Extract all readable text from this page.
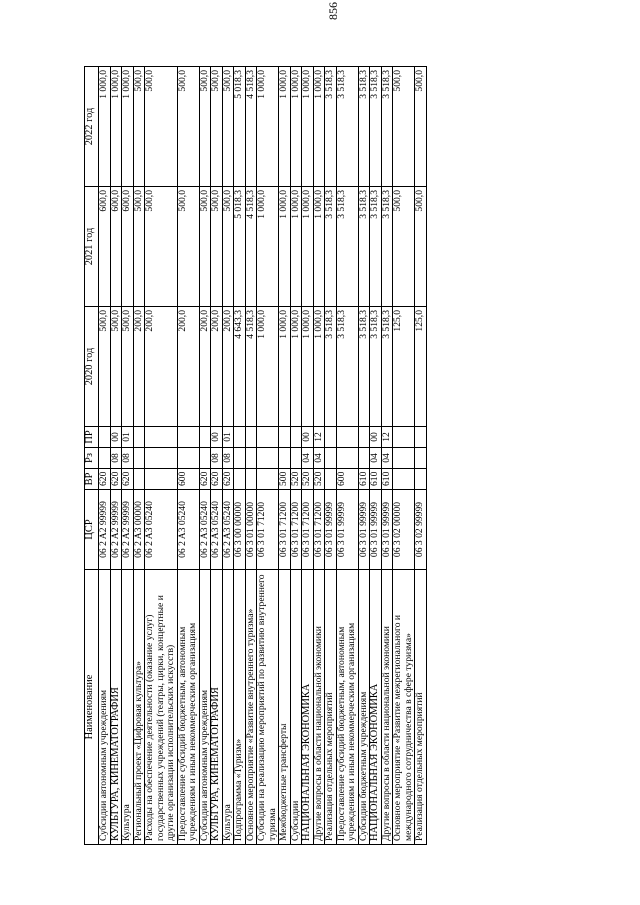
856
Наименование	ЦСР	ВР	Рз	ПР	2020 год	2021 год	2022 год
Субсидии автономным учреждениям	06 2 A2 99999	620			500,0	600,0	1 000,0
КУЛЬТУРА, КИНЕМАТОГРАФИЯ	06 2 A2 99999	620	08	00	500,0	600,0	1 000,0
Культура	06 2 A2 99999	620	08	01	500,0	600,0	1 000,0
Региональный проект «Цифровая культура»	06 2 A3 00000				200,0	500,0	500,0
Расходы на обеспечение деятельности (оказание услуг) государственных учреждений (театры, цирки, концертные и другие организации исполнительских искусств)	06 2 A3 05240				200,0	500,0	500,0
Предоставление субсидий бюджетным, автономным учреждениям и иным некоммерческим организациям	06 2 A3 05240	600			200,0	500,0	500,0
Субсидии автономным учреждениям	06 2 A3 05240	620			200,0	500,0	500,0
КУЛЬТУРА, КИНЕМАТОГРАФИЯ	06 2 A3 05240	620	08	00	200,0	500,0	500,0
Культура	06 2 A3 05240	620	08	01	200,0	500,0	500,0
Подпрограмма «Туризм»	06 3 00 00000				4 643,3	5 018,3	5 018,3
Основное мероприятие «Развитие внутреннего туризма»	06 3 01 00000				4 518,3	4 518,3	4 518,3
Субсидии на реализацию мероприятий по развитию внутреннего туризма	06 3 01 71200				1 000,0	1 000,0	1 000,0
Межбюджетные трансферты	06 3 01 71200	500			1 000,0	1 000,0	1 000,0
Субсидии	06 3 01 71200	520			1 000,0	1 000,0	1 000,0
НАЦИОНАЛЬНАЯ ЭКОНОМИКА	06 3 01 71200	520	04	00	1 000,0	1 000,0	1 000,0
Другие вопросы в области национальной экономики	06 3 01 71200	520	04	12	1 000,0	1 000,0	1 000,0
Реализация отдельных мероприятий	06 3 01 99999				3 518,3	3 518,3	3 518,3
Предоставление субсидий бюджетным, автономным учреждениям и иным некоммерческим организациям	06 3 01 99999	600			3 518,3	3 518,3	3 518,3
Субсидии бюджетным учреждениям	06 3 01 99999	610			3 518,3	3 518,3	3 518,3
НАЦИОНАЛЬНАЯ ЭКОНОМИКА	06 3 01 99999	610	04	00	3 518,3	3 518,3	3 518,3
Другие вопросы в области национальной экономики	06 3 01 99999	610	04	12	3 518,3	3 518,3	3 518,3
Основное мероприятие «Развитие межрегионального и международного сотрудничества в сфере туризма»	06 3 02 00000				125,0	500,0	500,0
Реализация отдельных мероприятий	06 3 02 99999				125,0	500,0	500,0
